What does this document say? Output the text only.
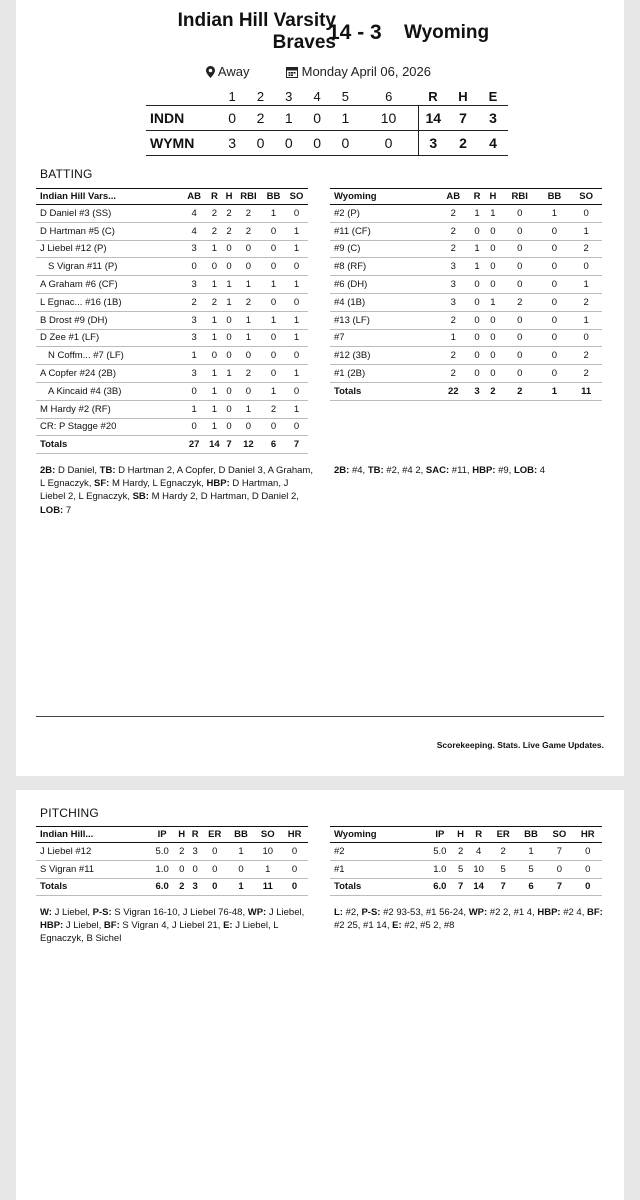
Indian Hill Varsity
Braves
14 - 3 Wyoming
Away	Monday April 06, 2026
	1	2	3	4	5	6	R	H	E
INDN	0	2	1	0	1	10	14	7	3
WYMN	3	0	0	0	0	0	3	2	4
BATTING
Indian Hill Vars...	AB	R	H	RBI	BB	SO
D Daniel #3 (SS)	4	2	2	2	1	0
D Hartman #5 (C)	4	2	2	2	0	1
J Liebel #12 (P)	3	1	0	0	0	1
S Vigran #11 (P)	0	0	0	0	0	0
A Graham #6 (CF)	3	1	1	1	1	1
L Egnac... #16 (1B)	2	2	1	2	0	0
B Drost #9 (DH)	3	1	0	1	1	1
D Zee #1 (LF)	3	1	0	1	0	1
N Coffm... #7 (LF)	1	0	0	0	0	0
A Copfer #24 (2B)	3	1	1	2	0	1
A Kincaid #4 (3B)	0	1	0	0	1	0
M Hardy #2 (RF)	1	1	0	1	2	1
CR: P Stagge #20	0	1	0	0	0	0
Totals	27	14	7	12	6	7
Wyoming	AB	R	H	RBI	BB	SO
#2 (P)	2	1	1	0	1	0
#11 (CF)	2	0	0	0	0	1
#9 (C)	2	1	0	0	0	2
#8 (RF)	3	1	0	0	0	0
#6 (DH)	3	0	0	0	0	1
#4 (1B)	3	0	1	2	0	2
#13 (LF)	2	0	0	0	0	1
#7	1	0	0	0	0	0
#12 (3B)	2	0	0	0	0	2
#1 (2B)	2	0	0	0	0	2
Totals	22	3	2	2	1	11
2B: D Daniel, TB: D Hartman 2, A Copfer, D Daniel 3, A Graham, L Egnaczyk, SF: M Hardy, L Egnaczyk, HBP: D Hartman, J Liebel 2, L Egnaczyk, SB: M Hardy 2, D Hartman, D Daniel 2, LOB: 7
2B: #4, TB: #2, #4 2, SAC: #11, HBP: #9, LOB: 4
Scorekeeping. Stats. Live Game Updates.
PITCHING
Indian Hill...	IP	H	R	ER	BB	SO	HR
J Liebel #12	5.0	2	3	0	1	10	0
S Vigran #11	1.0	0	0	0	0	1	0
Totals	6.0	2	3	0	1	11	0
Wyoming	IP	H	R	ER	BB	SO	HR
#2	5.0	2	4	2	1	7	0
#1	1.0	5	10	5	5	0	0
Totals	6.0	7	14	7	6	7	0
W: J Liebel, P-S: S Vigran 16-10, J Liebel 76-48, WP: J Liebel, HBP: J Liebel, BF: S Vigran 4, J Liebel 21, E: J Liebel, L Egnaczyk, B Sichel
L: #2, P-S: #2 93-53, #1 56-24, WP: #2 2, #1 4, HBP: #2 4, BF: #2 25, #1 14, E: #2, #5 2, #8
